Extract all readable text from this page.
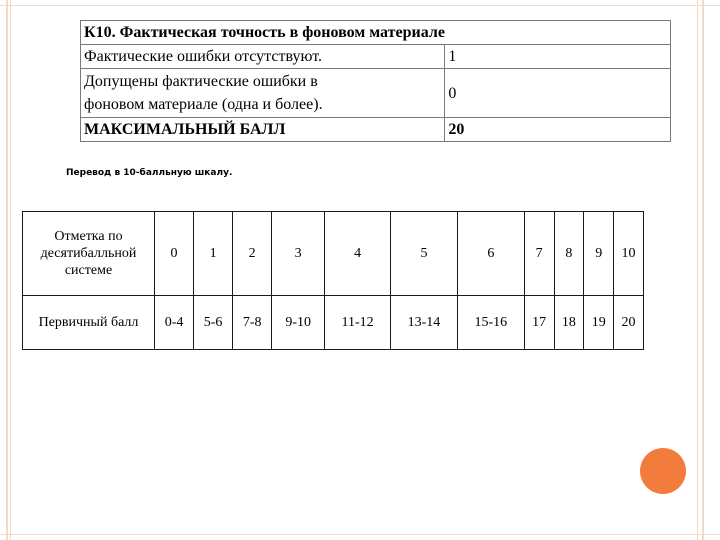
К10. Фактическая точность в фоновом материале	
Фактические ошибки отсутствуют.	1

Допущены фактические ошибки в
фоновом материале (одна и более).	0
МАКСИМАЛЬНЫЙ БАЛЛ	20
Перевод в 10-балльную шкалу.
Отметка по
десятибалльной
системе	0	1	2	3	4	5	6	7	8	9	10
Первичный балл	0-4	5-6	7-8	9-10	11-12	13-14	15-16	17	18	19	20
